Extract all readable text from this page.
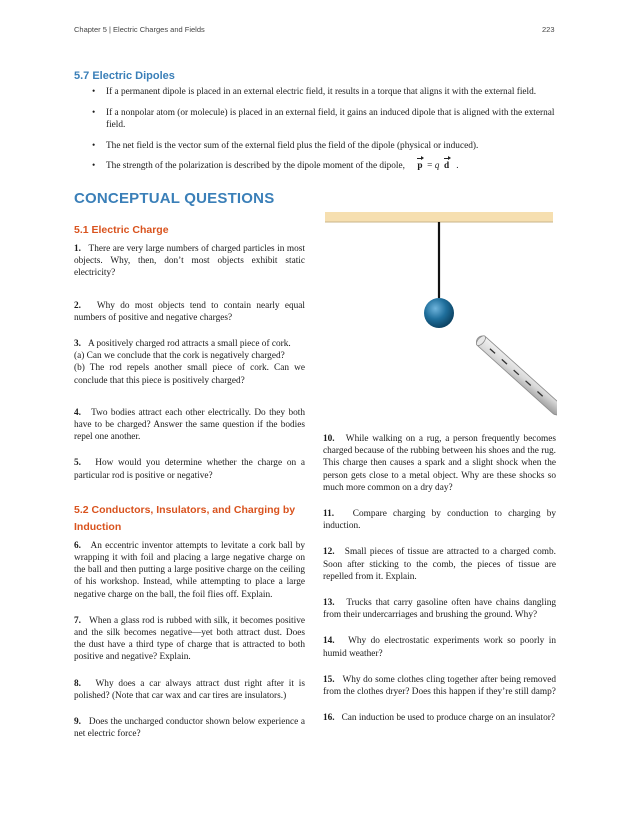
Chapter 5 | Electric Charges and Fields	223
5.7 Electric Dipoles
• If a permanent dipole is placed in an external electric field, it results in a torque that aligns it with the external field.
• If a nonpolar atom (or molecule) is placed in an external field, it gains an induced dipole that is aligned with the external field.
• The net field is the vector sum of the external field plus the field of the dipole (physical or induced).
• The strength of the polarization is described by the dipole moment of the dipole, p = q d .
CONCEPTUAL QUESTIONS
5.1 Electric Charge

1. There are very large numbers of charged particles in most objects. Why, then, don’t most objects exhibit static electricity?

2. Why do most objects tend to contain nearly equal numbers of positive and negative charges?

3. A positively charged rod attracts a small piece of cork.
(a) Can we conclude that the cork is negatively charged?
(b) The rod repels another small piece of cork. Can we conclude that this piece is positively charged?

4. Two bodies attract each other electrically. Do they both have to be charged? Answer the same question if the bodies repel one another.

5. How would you determine whether the charge on a particular rod is positive or negative?

5.2 Conductors, Insulators, and Charging by Induction

6. An eccentric inventor attempts to levitate a cork ball by wrapping it with foil and placing a large negative charge on the ball and then putting a large positive charge on the ceiling of his workshop. Instead, while attempting to place a large negative charge on the ball, the foil flies off. Explain.

7. When a glass rod is rubbed with silk, it becomes positive and the silk becomes negative—yet both attract dust. Does the dust have a third type of charge that is attracted to both positive and negative? Explain.

8. Why does a car always attract dust right after it is polished? (Note that car wax and car tires are insulators.)

9. Does the uncharged conductor shown below experience a net electric force?

10. While walking on a rug, a person frequently becomes charged because of the rubbing between his shoes and the rug. This charge then causes a spark and a slight shock when the person gets close to a metal object. Why are these shocks so much more common on a dry day?

11. Compare charging by conduction to charging by induction.

12. Small pieces of tissue are attracted to a charged comb. Soon after sticking to the comb, the pieces of tissue are repelled from it. Explain.

13. Trucks that carry gasoline often have chains dangling from their undercarriages and brushing the ground. Why?

14. Why do electrostatic experiments work so poorly in humid weather?

15. Why do some clothes cling together after being removed from the clothes dryer? Does this happen if they’re still damp?

16. Can induction be used to produce charge on an insulator?
